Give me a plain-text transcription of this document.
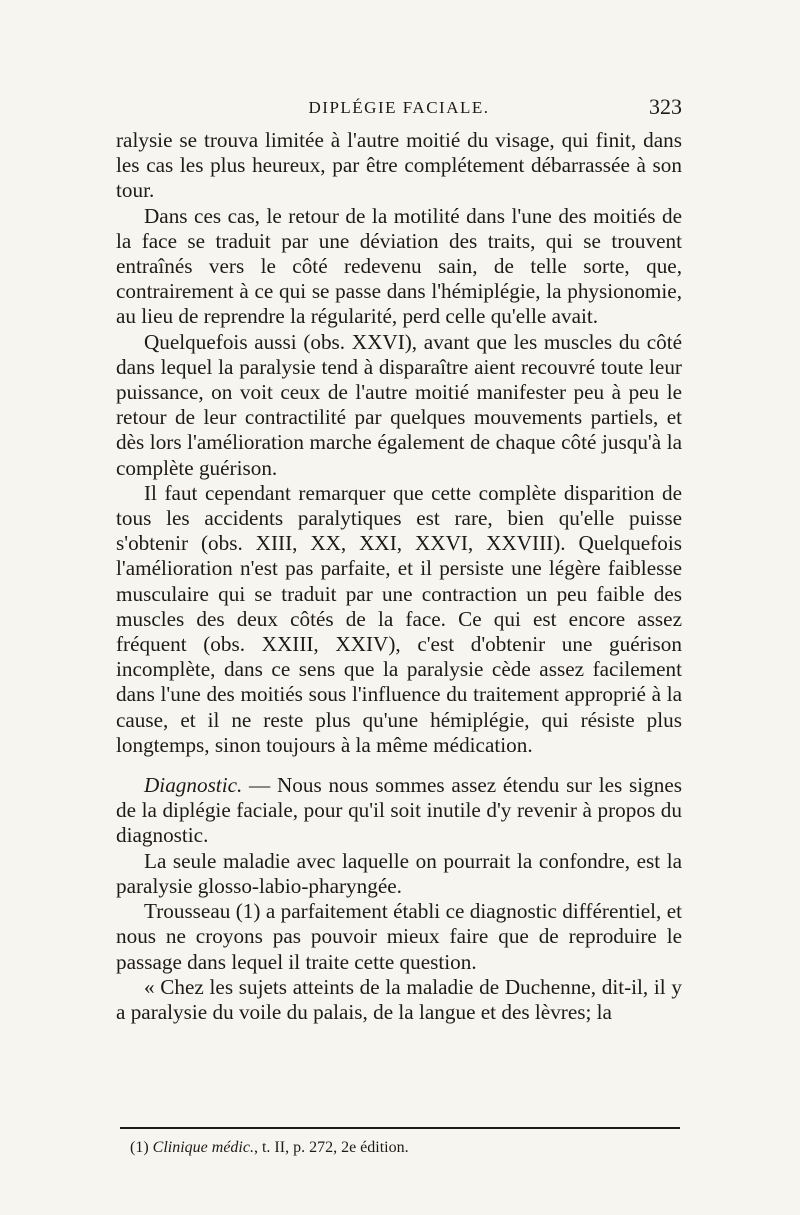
DIPLÉGIE FACIALE.	323

ralysie se trouva limitée à l'autre moitié du visage, qui finit, dans les cas les plus heureux, par être complétement débarrassée à son tour.

Dans ces cas, le retour de la motilité dans l'une des moitiés de la face se traduit par une déviation des traits, qui se trouvent entraînés vers le côté redevenu sain, de telle sorte, que, contrairement à ce qui se passe dans l'hémiplégie, la physionomie, au lieu de reprendre la régularité, perd celle qu'elle avait.

Quelquefois aussi (obs. XXVI), avant que les muscles du côté dans lequel la paralysie tend à disparaître aient recouvré toute leur puissance, on voit ceux de l'autre moitié manifester peu à peu le retour de leur contractilité par quelques mouvements partiels, et dès lors l'amélioration marche également de chaque côté jusqu'à la complète guérison.

Il faut cependant remarquer que cette complète disparition de tous les accidents paralytiques est rare, bien qu'elle puisse s'obtenir (obs. XIII, XX, XXI, XXVI, XXVIII). Quelquefois l'amélioration n'est pas parfaite, et il persiste une légère faiblesse musculaire qui se traduit par une contraction un peu faible des muscles des deux côtés de la face. Ce qui est encore assez fréquent (obs. XXIII, XXIV), c'est d'obtenir une guérison incomplète, dans ce sens que la paralysie cède assez facilement dans l'une des moitiés sous l'influence du traitement approprié à la cause, et il ne reste plus qu'une hémiplégie, qui résiste plus longtemps, sinon toujours à la même médication.

Diagnostic. — Nous nous sommes assez étendu sur les signes de la diplégie faciale, pour qu'il soit inutile d'y revenir à propos du diagnostic.

La seule maladie avec laquelle on pourrait la confondre, est la paralysie glosso-labio-pharyngée.

Trousseau (1) a parfaitement établi ce diagnostic différentiel, et nous ne croyons pas pouvoir mieux faire que de reproduire le passage dans lequel il traite cette question.

« Chez les sujets atteints de la maladie de Duchenne, dit-il, il y a paralysie du voile du palais, de la langue et des lèvres; la

(1) Clinique médic., t. II, p. 272, 2e édition.
